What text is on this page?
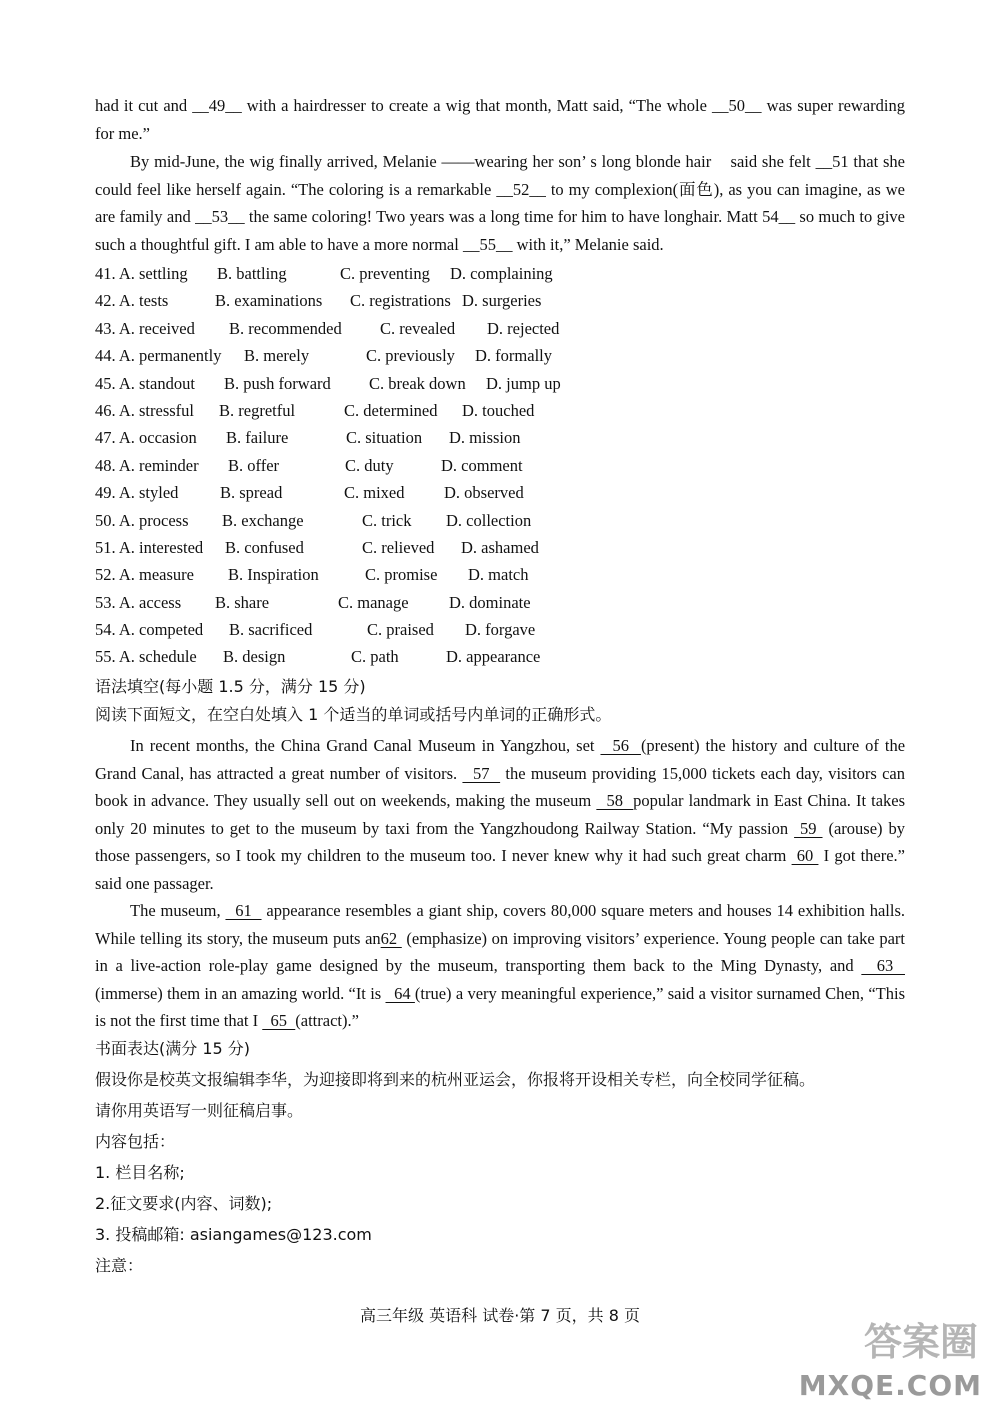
had it cut and __49__ with a hairdresser to create a wig that month, Matt said, “The whole __50__ was super rewarding for me.”
By mid-June, the wig finally arrived, Melanie ——wearing her son’ s long blonde hair    said she felt __51 that she could feel like herself again. “The coloring is a remarkable __52__ to my complexion(面色), as you can imagine, as we are family and __53__ the same coloring! Two years was a long time for him to have longhair. Matt 54__ so much to give such a thoughtful gift. I am able to have a more normal __55__ with it,” Melanie said.
41. A. settling B. battling	C. preventing D. complaining
42. A. tests	B. examinations C. registrations D. surgeries
43. A. received B. recommended C. revealed D. rejected
44. A. permanently B. merely	C. previously D. formally
45. A. standout B. push forward C. break down D. jump up
46. A. stressful B. regretful	C. determined D. touched
47. A. occasion B. failure	C. situation D. mission
48. A. reminder B. offer	C. duty	D. comment
49. A. styled	B. spread	C. mixed D. observed
50. A. process B. exchange	C. trick D. collection
51. A. interested B. confused	C. relieved D. ashamed
52. A. measure B. Inspiration	C. promise D. match
53. A. access B. share	C. manage D. dominate
54. A. competed B. sacrificed	C. praised D. forgave
55. A. schedule B. design	C. path	D. appearance
语法填空(每小题 1.5 分，满分 15 分)
阅读下面短文，在空白处填入 1 个适当的单词或括号内单词的正确形式。
In recent months, the China Grand Canal Museum in Yangzhou, set   56  (present) the history and culture of the Grand Canal, has attracted a great number of visitors.   57   the museum providing 15,000 tickets each day, visitors can book in advance. They usually sell out on weekends, making the museum   58  popular landmark in East China. It takes only 20 minutes to get to the museum by taxi from the Yangzhoudong Railway Station. “My passion  59  (arouse) by those passengers, so I took my children to the museum too. I never knew why it had such great charm  60  I got there.” said one passager.
The museum,   61   appearance resembles a giant ship, covers 80,000 square meters and houses 14 exhibition halls. While telling its story, the museum puts an62  (emphasize) on improving visitors’ experience. Young people can take part in a live-action role-play game designed by the museum, transporting them back to the Ming Dynasty, and   63   (immerse) them in an amazing world. “It is   64 (true) a very meaningful experience,” said a visitor surnamed Chen, “This is not the first time that I   65  (attract).”
书面表达(满分 15 分)
假设你是校英文报编辑李华，为迎接即将到来的杭州亚运会，你报将开设相关专栏，向全校同学征稿。
请你用英语写一则征稿启事。
内容包括：
1. 栏目名称;
2.征文要求(内容、词数);
3. 投稿邮箱: asiangames@123.com
注意：
高三年级 英语科 试卷·第 7 页，共 8 页
答案圈
MXQE.COM
